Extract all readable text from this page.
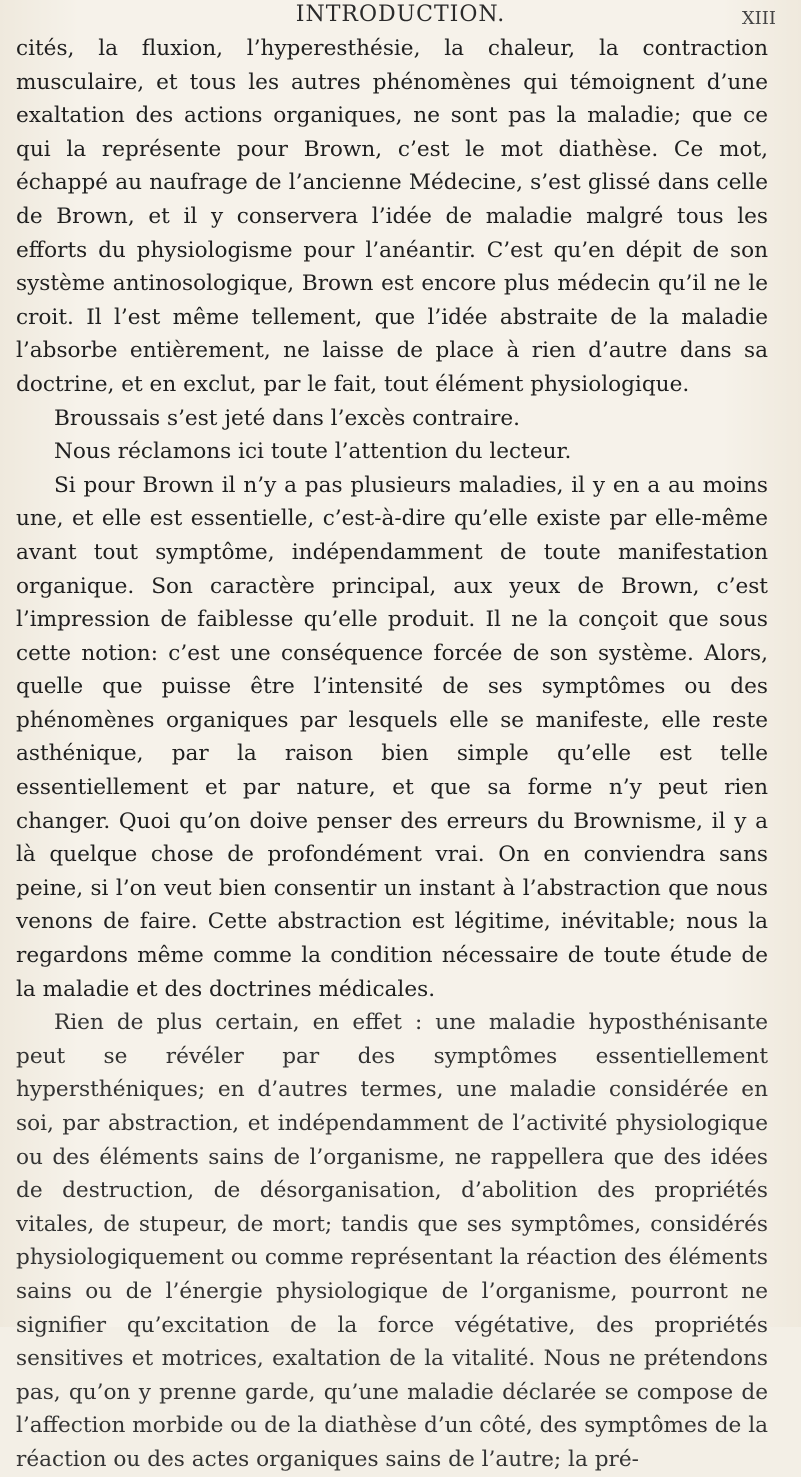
INTRODUCTION.	XIII

cités, la fluxion, l’hyperesthésie, la chaleur, la contraction musculaire, et tous les autres phénomènes qui témoignent d’une exaltation des actions organiques, ne sont pas la maladie; que ce qui la représente pour Brown, c’est le mot diathèse. Ce mot, échappé au naufrage de l’ancienne Médecine, s’est glissé dans celle de Brown, et il y conservera l’idée de maladie malgré tous les efforts du physiologisme pour l’anéantir. C’est qu’en dépit de son système antinosologique, Brown est encore plus médecin qu’il ne le croit. Il l’est même tellement, que l’idée abstraite de la maladie l’absorbe entièrement, ne laisse de place à rien d’autre dans sa doctrine, et en exclut, par le fait, tout élément physiologique.

Broussais s’est jeté dans l’excès contraire.

Nous réclamons ici toute l’attention du lecteur.

Si pour Brown il n’y a pas plusieurs maladies, il y en a au moins une, et elle est essentielle, c’est-à-dire qu’elle existe par elle-même avant tout symptôme, indépendamment de toute manifestation organique. Son caractère principal, aux yeux de Brown, c’est l’impression de faiblesse qu’elle produit. Il ne la conçoit que sous cette notion: c’est une conséquence forcée de son système. Alors, quelle que puisse être l’intensité de ses symptômes ou des phénomènes organiques par lesquels elle se manifeste, elle reste asthénique, par la raison bien simple qu’elle est telle essentiellement et par nature, et que sa forme n’y peut rien changer. Quoi qu’on doive penser des erreurs du Brownisme, il y a là quelque chose de profondément vrai. On en conviendra sans peine, si l’on veut bien consentir un instant à l’abstraction que nous venons de faire. Cette abstraction est légitime, inévitable; nous la regardons même comme la condition nécessaire de toute étude de la maladie et des doctrines médicales.

Rien de plus certain, en effet : une maladie hyposthénisante peut se révéler par des symptômes essentiellement hypersthéniques; en d’autres termes, une maladie considérée en soi, par abstraction, et indépendamment de l’activité physiologique ou des éléments sains de l’organisme, ne rappellera que des idées de destruction, de désorganisation, d’abolition des propriétés vitales, de stupeur, de mort; tandis que ses symptômes, considérés physiologiquement ou comme représentant la réaction des éléments sains ou de l’énergie physiologique de l’organisme, pourront ne signifier qu’excitation de la force végétative, des propriétés sensitives et motrices, exaltation de la vitalité. Nous ne prétendons pas, qu’on y prenne garde, qu’une maladie déclarée se compose de l’affection morbide ou de la diathèse d’un côté, des symptômes de la réaction ou des actes organiques sains de l’autre; la pré-
